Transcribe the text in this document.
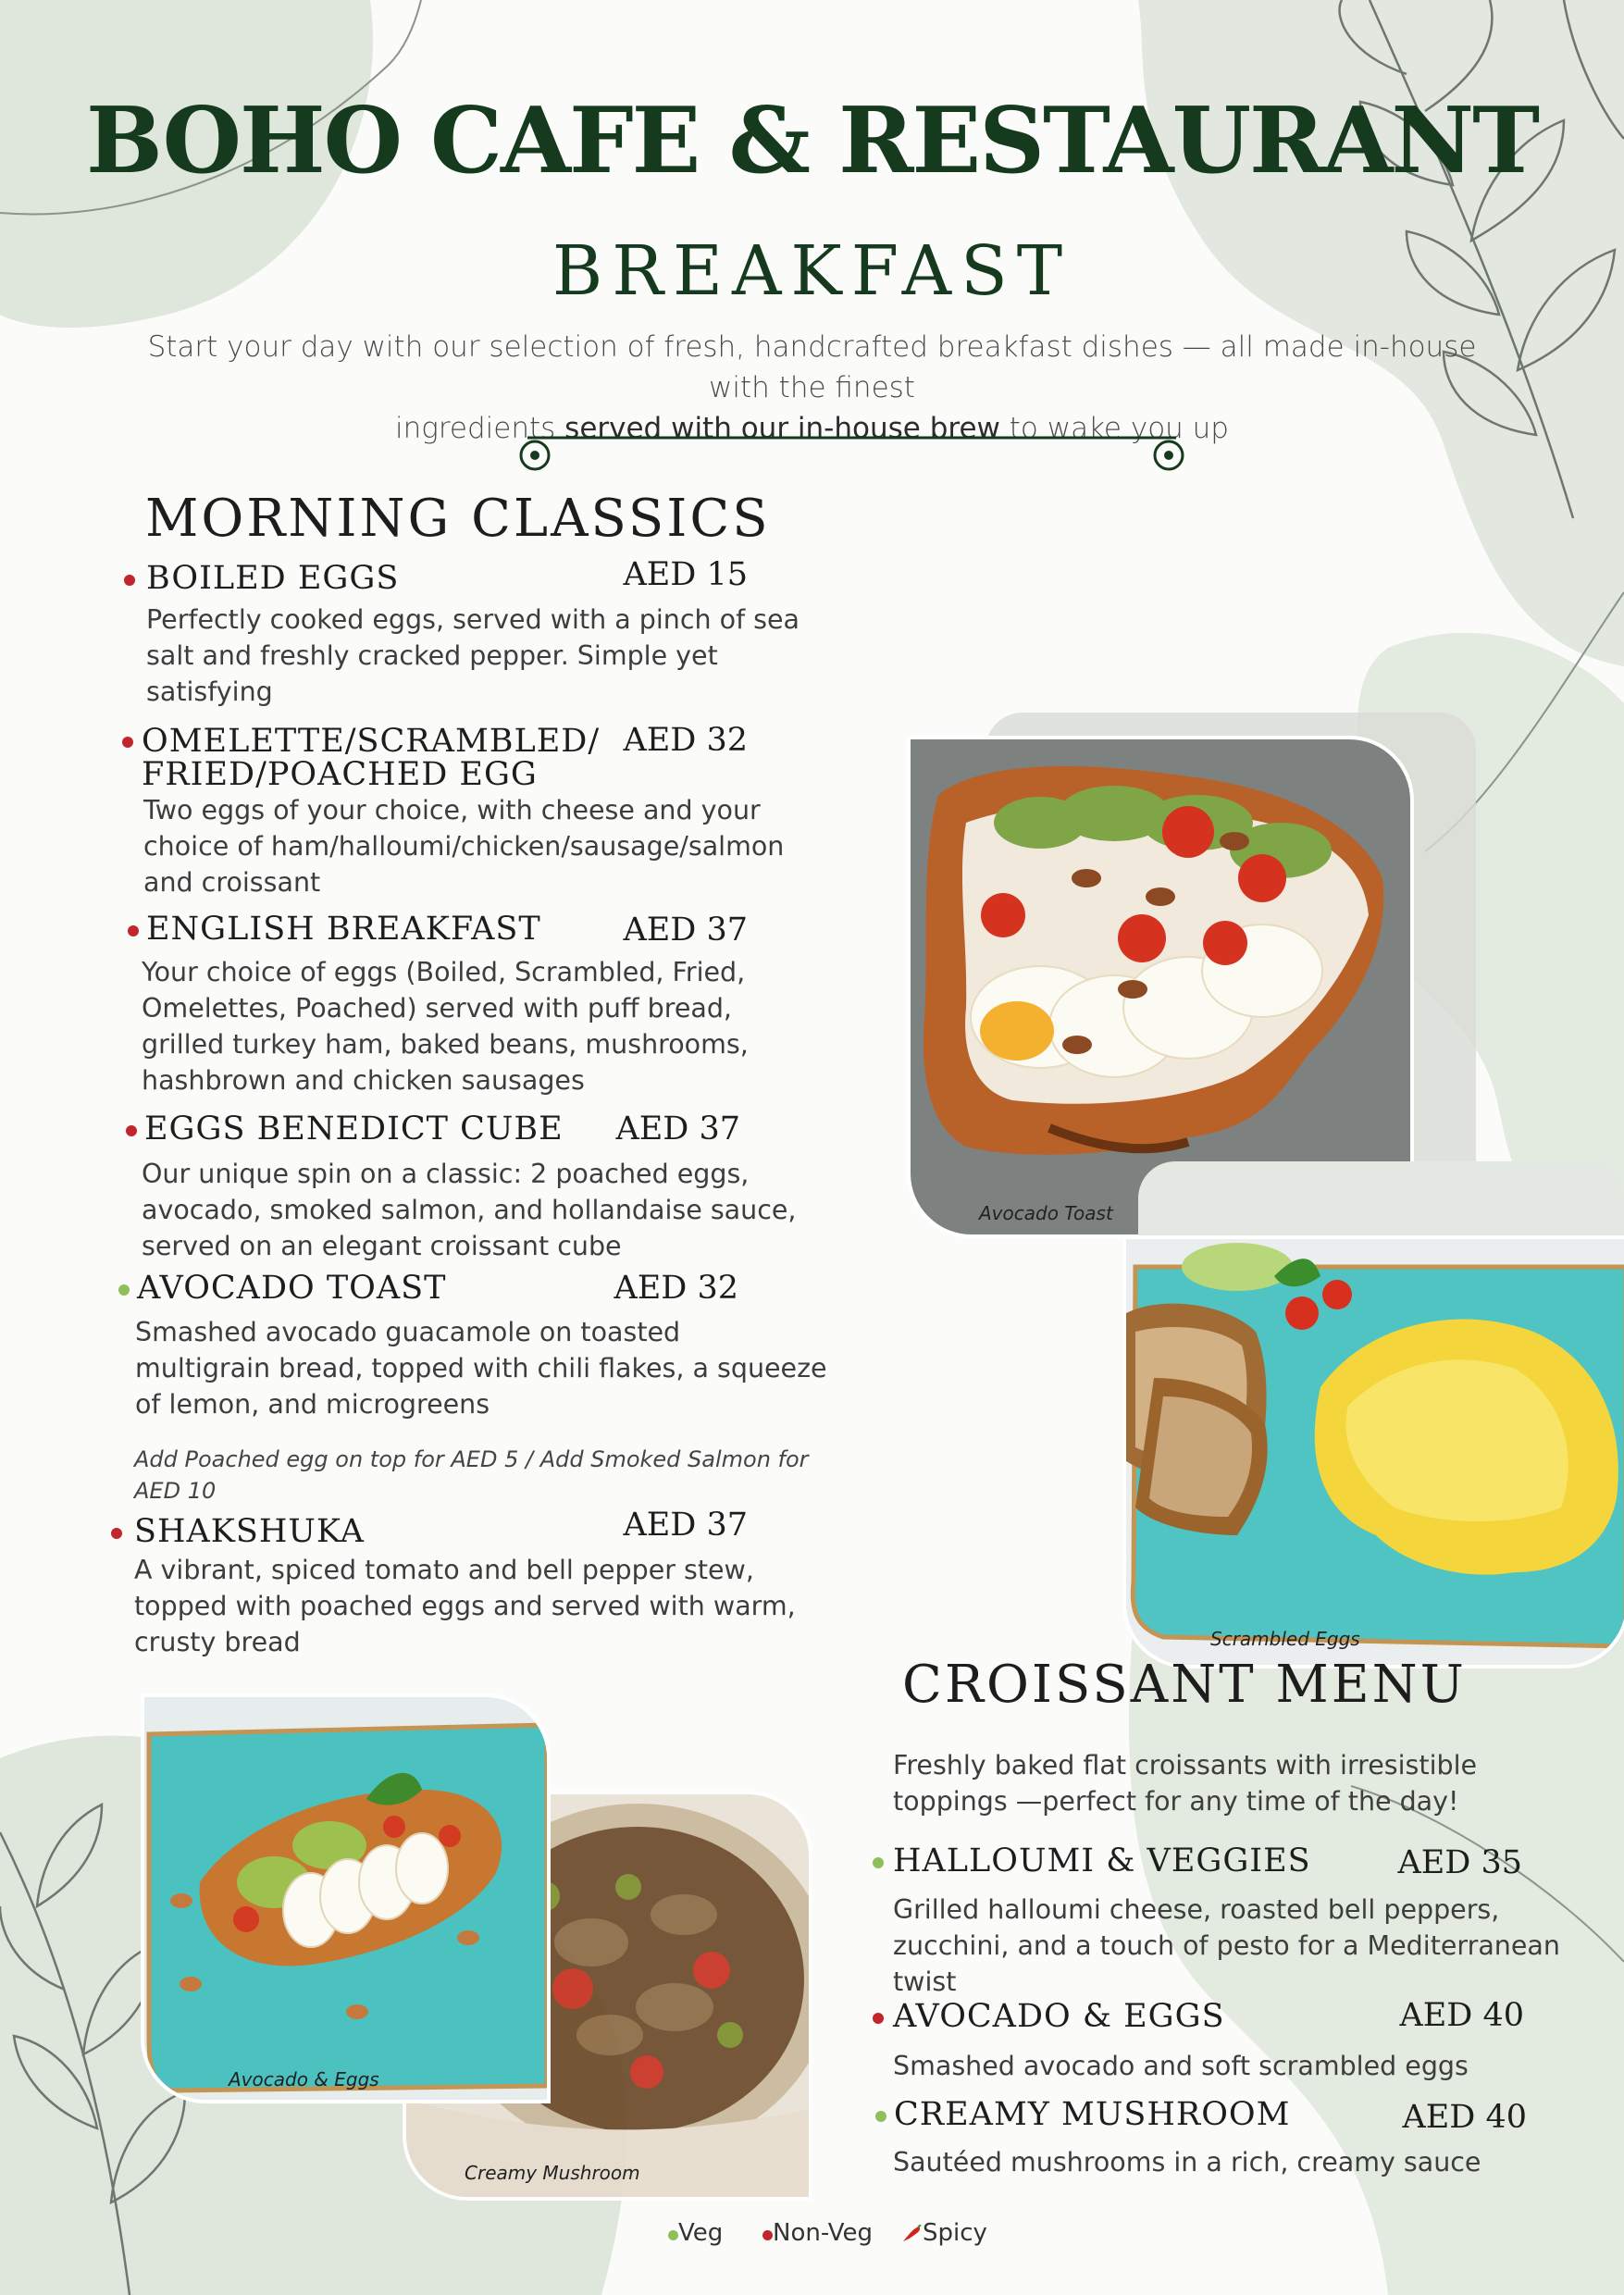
BOHO CAFE & RESTAURANT
BREAKFAST
Start your day with our selection of fresh, handcrafted breakfast dishes — all made in-house with the finest
ingredients served with our in-house brew to wake you up
MORNING CLASSICS
BOILED EGGS	AED 15
Perfectly cooked eggs, served with a pinch of sea
salt and freshly cracked pepper. Simple yet
satisfying
OMELETTE/SCRAMBLED/
FRIED/POACHED EGG
AED 32
Two eggs of your choice, with cheese and your
choice of ham/halloumi/chicken/sausage/salmon
and croissant
ENGLISH BREAKFAST	AED 37
Your choice of eggs (Boiled, Scrambled, Fried,
Omelettes, Poached) served with puff bread,
grilled turkey ham, baked beans, mushrooms,
hashbrown and chicken sausages
EGGS BENEDICT CUBE	AED 37
Our unique spin on a classic: 2 poached eggs,
avocado, smoked salmon, and hollandaise sauce,
served on an elegant croissant cube
AVOCADO TOAST	AED 32
Smashed avocado guacamole on toasted
multigrain bread, topped with chili flakes, a squeeze
of lemon, and microgreens
Add Poached egg on top for AED 5 / Add Smoked Salmon for
AED 10
SHAKSHUKA	AED 37
A vibrant, spiced tomato and bell pepper stew,
topped with poached eggs and served with warm,
crusty bread
Avocado Toast
Scrambled Eggs
CROISSANT MENU
Freshly baked flat croissants with irresistible
toppings —perfect for any time of the day!
HALLOUMI & VEGGIES	AED 35
Grilled halloumi cheese, roasted bell peppers,
zucchini, and a touch of pesto for a Mediterranean
twist
AVOCADO & EGGS	AED 40
Smashed avocado and soft scrambled eggs
CREAMY MUSHROOM	AED 40
Sautéed mushrooms in a rich, creamy sauce
Creamy Mushroom
Avocado & Eggs
Veg	Non-Veg	Spicy
